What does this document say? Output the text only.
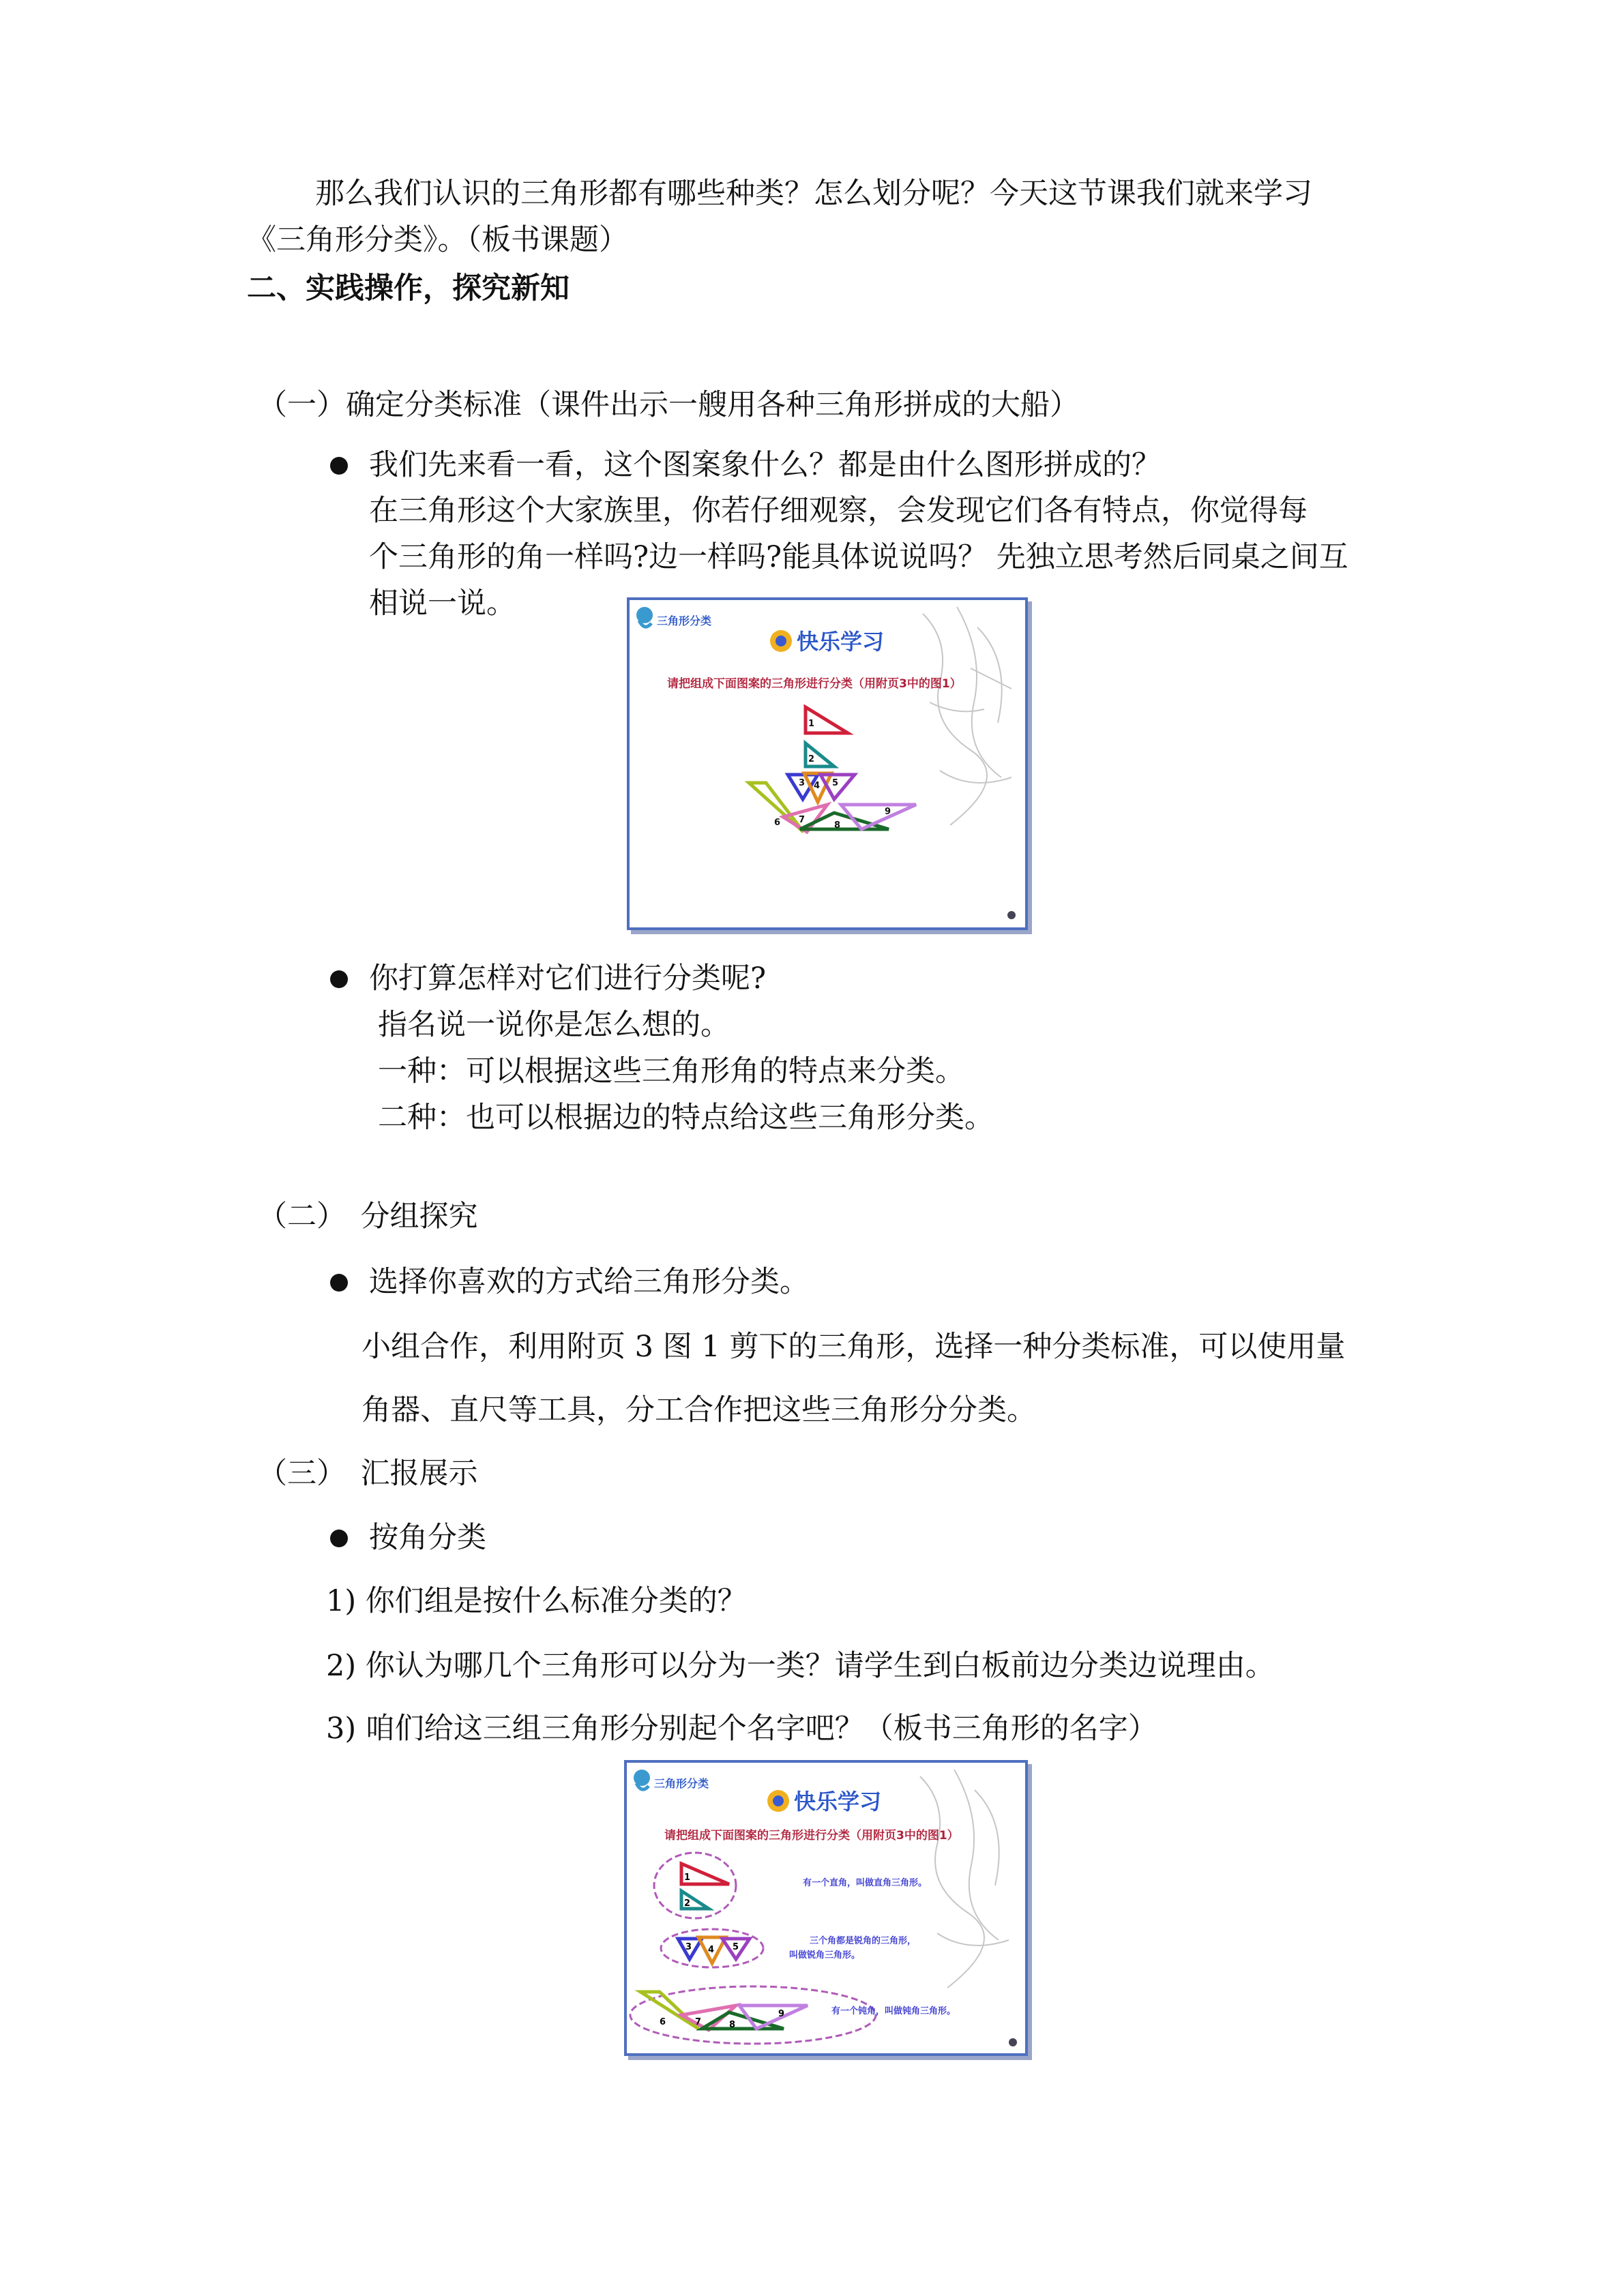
那么我们认识的三角形都有哪些种类？怎么划分呢？今天这节课我们就来学习

《三角形分类》。（板书课题）

二、实践操作，探究新知

（一）确定分类标准（课件出示一艘用各种三角形拼成的大船）

我们先来看一看，这个图案象什么？都是由什么图形拼成的？

在三角形这个大家族里，你若仔细观察，会发现它们各有特点，你觉得每

个三角形的角一样吗?边一样吗?能具体说说吗？ 先独立思考然后同桌之间互

相说一说。

三角形分类
快乐学习
请把组成下面图案的三角形进行分类（用附页3中的图1）
1
2
3 4 5
6 7
8
9

你打算怎样对它们进行分类呢?

指名说一说你是怎么想的。

一种：可以根据这些三角形角的特点来分类。

二种：也可以根据边的特点给这些三角形分类。

（二）　分组探究

选择你喜欢的方式给三角形分类。

小组合作，利用附页 3 图 1 剪下的三角形，选择一种分类标准，可以使用量

角器、直尺等工具，分工合作把这些三角形分分类。

（三）　汇报展示

按角分类

1) 你们组是按什么标准分类的？

2) 你认为哪几个三角形可以分为一类？请学生到白板前边分类边说理由。

3) 咱们给这三组三角形分别起个名字吧？（板书三角形的名字）

三角形分类
快乐学习
请把组成下面图案的三角形进行分类（用附页3中的图1）
1
2
有一个直角，叫做直角三角形。
3 4 5
三个角都是锐角的三角形，
叫做锐角三角形。
6	7	8
9	有一个钝角，叫做钝角三角形。
